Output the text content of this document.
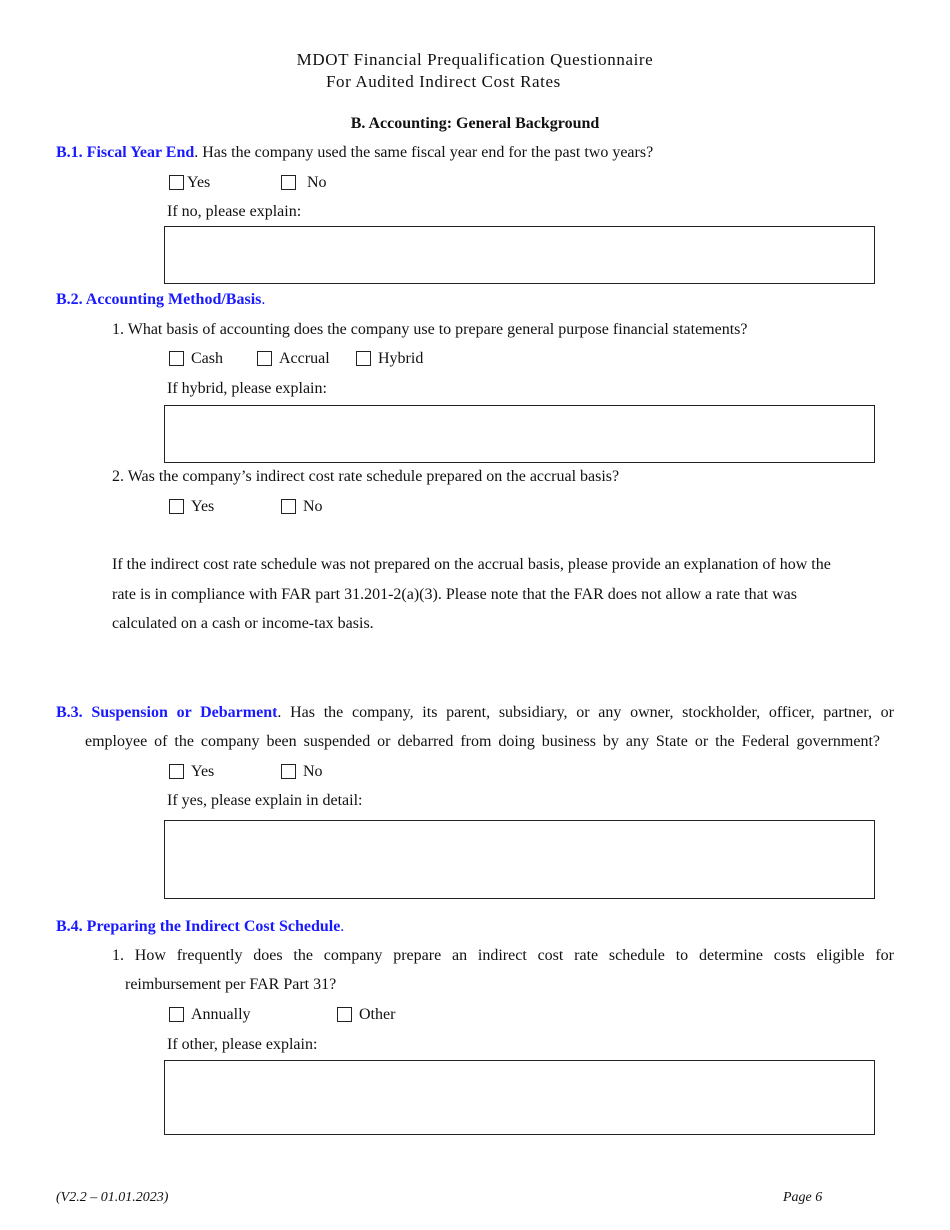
MDOT Financial Prequalification Questionnaire
For Audited Indirect Cost Rates
B. Accounting: General Background
B.1. Fiscal Year End. Has the company used the same fiscal year end for the past two years?
Yes	No
If no, please explain:
B.2. Accounting Method/Basis.
1. What basis of accounting does the company use to prepare general purpose financial statements?
Cash	Accrual	Hybrid
If hybrid, please explain:
2. Was the company’s indirect cost rate schedule prepared on the accrual basis?
Yes	No
If the indirect cost rate schedule was not prepared on the accrual basis, please provide an explanation of how the
rate is in compliance with FAR part 31.201-2(a)(3). Please note that the FAR does not allow a rate that was
calculated on a cash or income-tax basis.
B.3. Suspension or Debarment. Has the company, its parent, subsidiary, or any owner, stockholder, officer, partner, or
employee of the company been suspended or debarred from doing business by any State or the Federal government?
Yes	No
If yes, please explain in detail:
B.4. Preparing the Indirect Cost Schedule.
1. How frequently does the company prepare an indirect cost rate schedule to determine costs eligible for
reimbursement per FAR Part 31?
Annually	Other
If other, please explain:
(V2.2 – 01.01.2023)	Page 6
